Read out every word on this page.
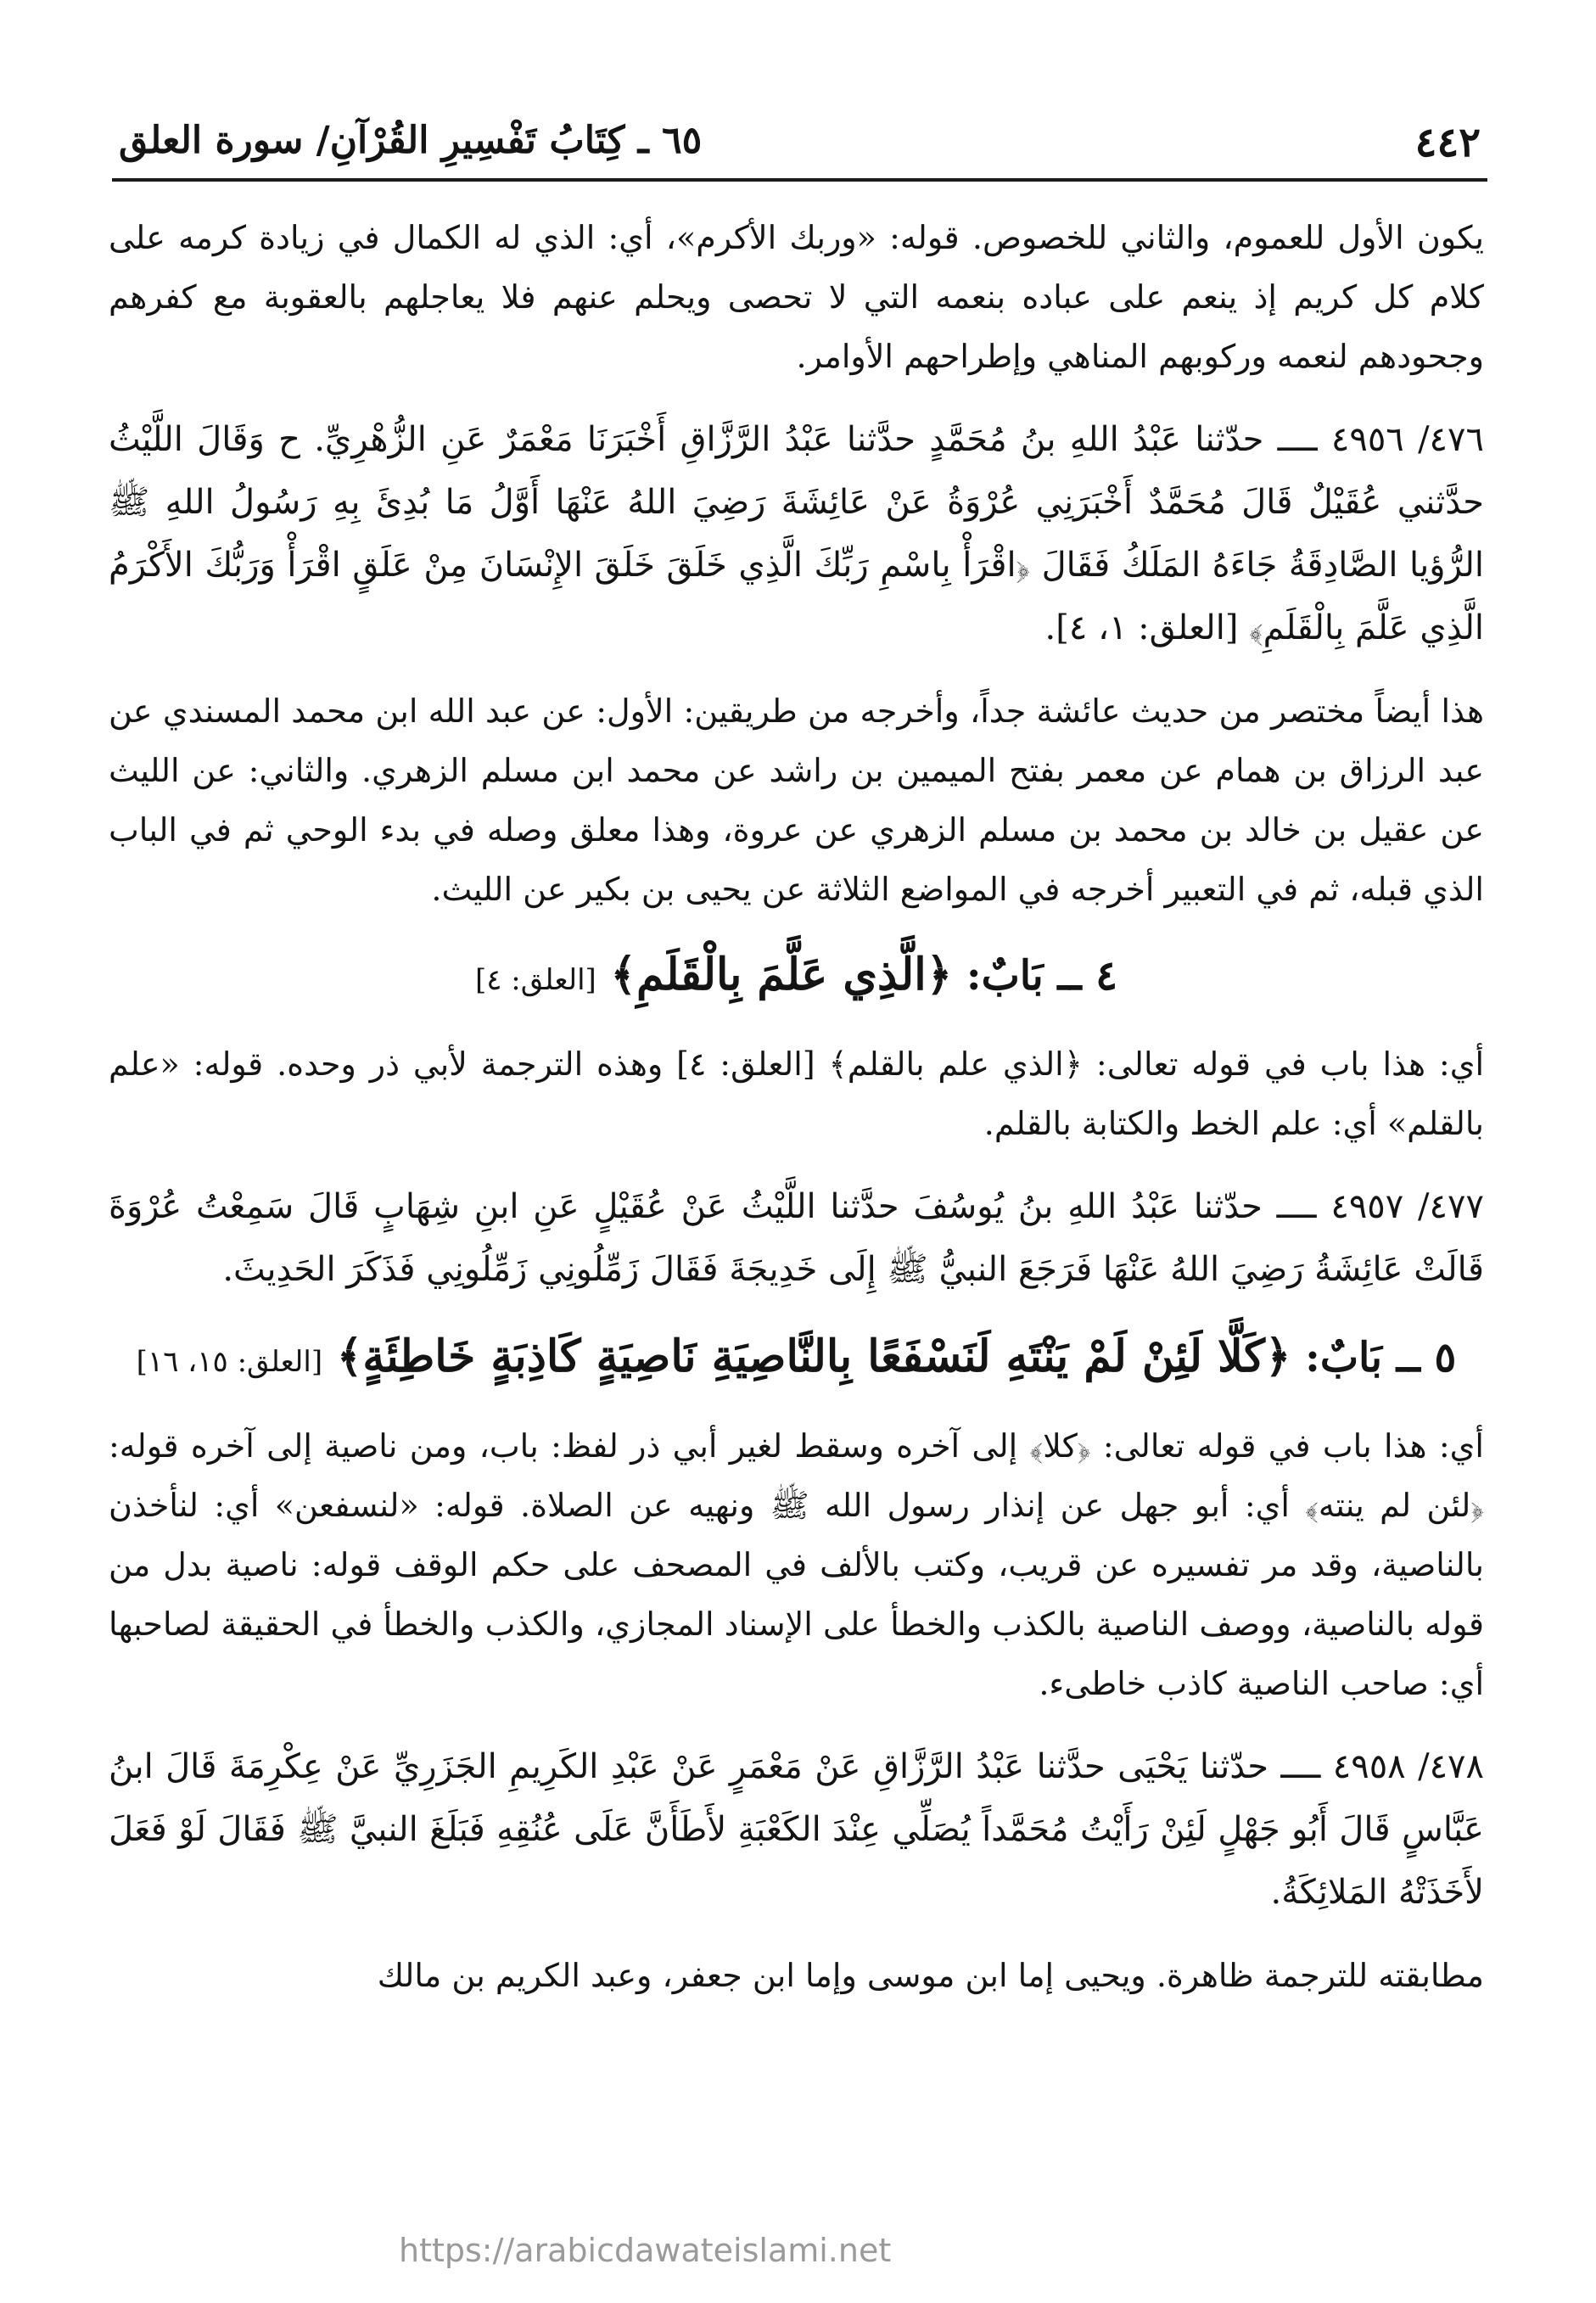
٤٤٢
٦٥ ـ كِتَابُ تَفْسِيرِ القُرْآنِ/ سورة العلق

يكون الأول للعموم، والثاني للخصوص. قوله: «وربك الأكرم»، أي: الذي له الكمال في زيادة كرمه على كلام كل كريم إذ ينعم على عباده بنعمه التي لا تحصى ويحلم عنهم فلا يعاجلهم بالعقوبة مع كفرهم وجحودهم لنعمه وركوبهم المناهي وإطراحهم الأوامر.

٤٧٦/ ٤٩٥٦ ــــ حدّثنا عَبْدُ اللهِ بنُ مُحَمَّدٍ حدَّثنا عَبْدُ الرَّزَّاقِ أَخْبَرَنَا مَعْمَرٌ عَنِ الزُّهْرِيِّ. ح وَقَالَ اللَّيْثُ حدَّثني عُقَيْلٌ قَالَ مُحَمَّدٌ أَخْبَرَنِي عُرْوَةُ عَنْ عَائِشَةَ رَضِيَ اللهُ عَنْهَا أَوَّلُ مَا بُدِئَ بِهِ رَسُولُ اللهِ ﷺ الرُّؤيا الصَّادِقَةُ جَاءَهُ المَلَكُ فَقَالَ ﴿اقْرَأْ بِاسْمِ رَبِّكَ الَّذِي خَلَقَ خَلَقَ الإِنْسَانَ مِنْ عَلَقٍ اقْرَأْ وَرَبُّكَ الأَكْرَمُ الَّذِي عَلَّمَ بِالْقَلَمِ﴾ [العلق: ١، ٤].

هذا أيضاً مختصر من حديث عائشة جداً، وأخرجه من طريقين: الأول: عن عبد الله ابن محمد المسندي عن عبد الرزاق بن همام عن معمر بفتح الميمين بن راشد عن محمد ابن مسلم الزهري. والثاني: عن الليث عن عقيل بن خالد بن محمد بن مسلم الزهري عن عروة، وهذا معلق وصله في بدء الوحي ثم في الباب الذي قبله، ثم في التعبير أخرجه في المواضع الثلاثة عن يحيى بن بكير عن الليث.

٤ ــ بَابٌ: ﴿الَّذِي عَلَّمَ بِالْقَلَمِ﴾ [العلق: ٤]

أي: هذا باب في قوله تعالى: ﴿الذي علم بالقلم﴾ [العلق: ٤] وهذه الترجمة لأبي ذر وحده. قوله: «علم بالقلم» أي: علم الخط والكتابة بالقلم.

٤٧٧/ ٤٩٥٧ ــــ حدّثنا عَبْدُ اللهِ بنُ يُوسُفَ حدَّثنا اللَّيْثُ عَنْ عُقَيْلٍ عَنِ ابنِ شِهَابٍ قَالَ سَمِعْتُ عُرْوَةَ قَالَتْ عَائِشَةُ رَضِيَ اللهُ عَنْهَا فَرَجَعَ النبيُّ ﷺ إِلَى خَدِيجَةَ فَقَالَ زَمِّلُونِي زَمِّلُونِي فَذَكَرَ الحَدِيثَ.

٥ ــ بَابٌ: ﴿كَلَّا لَئِنْ لَمْ يَنْتَهِ لَنَسْفَعًا بِالنَّاصِيَةِ نَاصِيَةٍ كَاذِبَةٍ خَاطِئَةٍ﴾ [العلق: ١٥، ١٦]

أي: هذا باب في قوله تعالى: ﴿كلا﴾ إلى آخره وسقط لغير أبي ذر لفظ: باب، ومن ناصية إلى آخره قوله: ﴿لئن لم ينته﴾ أي: أبو جهل عن إنذار رسول الله ﷺ ونهيه عن الصلاة. قوله: «لنسفعن» أي: لنأخذن بالناصية، وقد مر تفسيره عن قريب، وكتب بالألف في المصحف على حكم الوقف قوله: ناصية بدل من قوله بالناصية، ووصف الناصية بالكذب والخطأ على الإسناد المجازي، والكذب والخطأ في الحقيقة لصاحبها أي: صاحب الناصية كاذب خاطىء.

٤٧٨/ ٤٩٥٨ ــــ حدّثنا يَحْيَى حدَّثنا عَبْدُ الرَّزَّاقِ عَنْ مَعْمَرٍ عَنْ عَبْدِ الكَرِيمِ الجَزَرِيِّ عَنْ عِكْرِمَةَ قَالَ ابنُ عَبَّاسٍ قَالَ أَبُو جَهْلٍ لَئِنْ رَأَيْتُ مُحَمَّداً يُصَلِّي عِنْدَ الكَعْبَةِ لأَطَأَنَّ عَلَى عُنُقِهِ فَبَلَغَ النبيَّ ﷺ فَقَالَ لَوْ فَعَلَ لأَخَذَتْهُ المَلائِكَةُ.

مطابقته للترجمة ظاهرة. ويحيى إما ابن موسى وإما ابن جعفر، وعبد الكريم بن مالك

https://arabicdawateislami.net
